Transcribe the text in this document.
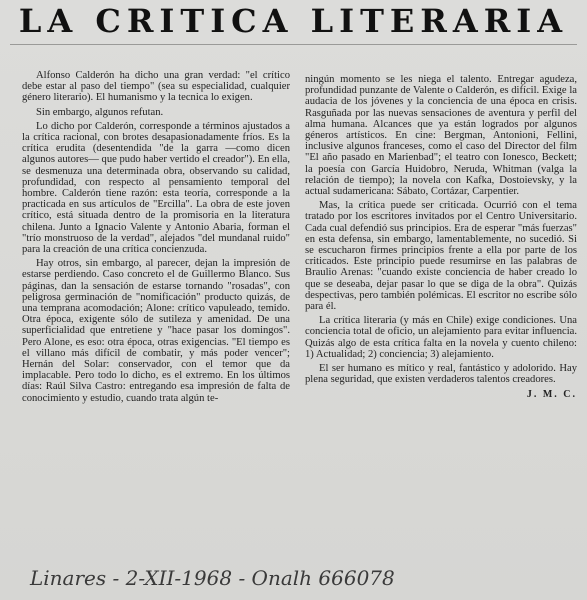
LA CRITICA LITERARIA

Alfonso Calderón ha dicho una gran verdad: "el crítico debe estar al paso del tiempo" (sea su especialidad, cualquier género literario). El humanismo y la tecnica lo exigen.

Sin embargo, algunos refutan.

Lo dicho por Calderón, corresponde a términos ajustados a la crítica racional, con brotes desapasionadamente fríos. Es la crítica erudita (desentendida "de la garra —como dicen algunos autores— que pudo haber vertido el creador"). En ella, se desmenuza una determinada obra, observando su calidad, profundidad, con respecto al pensamiento temporal del hombre. Calderón tiene razón: esta teoría, corresponde a la practicada en sus artículos de "Ercilla". La obra de este joven crítico, está situada dentro de la promisoria en la literatura chilena. Junto a Ignacio Valente y Antonio Abaria, forman el "trío monstruoso de la verdad", alejados "del mundanal ruido" para la creación de una crítica concienzuda.

Hay otros, sin embargo, al parecer, dejan la impresión de estarse perdiendo. Caso concreto el de Guillermo Blanco. Sus páginas, dan la sensación de estarse tornando "rosadas", con peligrosa germinación de "nomificación" producto quizás, de una temprana acomodación; Alone: crítico vapuleado, temido. Otra época, exigente sólo de sutileza y amenidad. De una superficialidad que entretiene y "hace pasar los domingos". Pero Alone, es eso: otra época, otras exigencias. "El tiempo es el villano más difícil de combatir, y más poder vencer"; Hernán del Solar: conservador, con el temor que da implacable. Pero todo lo dicho, es el extremo. En los últimos días: Raúl Silva Castro: entregando esa impresión de falta de conocimiento y estudio, cuando trata algún te-

ningún momento se les niega el talento. Entregar agudeza, profundidad punzante de Valente o Calderón, es difícil. Exige la audacia de los jóvenes y la conciencia de una época en crisis. Rasguñada por las nuevas sensaciones de aventura y perfil del alma humana. Alcances que ya están logrados por algunos géneros artísticos. En cine: Bergman, Antonioni, Fellini, inclusive algunos franceses, como el caso del Director del film "El año pasado en Marienbad"; el teatro con Ionesco, Beckett; la poesía con García Huidobro, Neruda, Whitman (valga la relación de tiempo); la novela con Kafka, Dostoievsky, y la actual sudamericana: Sábato, Cortázar, Carpentier.

Mas, la crítica puede ser criticada. Ocurrió con el tema tratado por los escritores invitados por el Centro Universitario. Cada cual defendió sus principios. Era de esperar "más fuerzas" en esta defensa, sin embargo, lamentablemente, no sucedió. Si se escucharon firmes principios frente a ella por parte de los criticados. Este principio puede resumirse en las palabras de Braulio Arenas: "cuando existe conciencia de haber creado lo que se deseaba, dejar pasar lo que se diga de la obra". Quizás despectivas, pero también polémicas. El escritor no escribe sólo para él.

La crítica literaria (y más en Chile) exige condiciones. Una conciencia total de oficio, un alejamiento para evitar influencia. Quizás algo de esta crítica falta en la novela y cuento chileno: 1) Actualidad; 2) conciencia; 3) alejamiento.

El ser humano es mítico y real, fantástico y adolorido. Hay plena seguridad, que existen verdaderos talentos creadores.

J. M. C.
Linares - 2-XII-1968 - Onalh 666078
